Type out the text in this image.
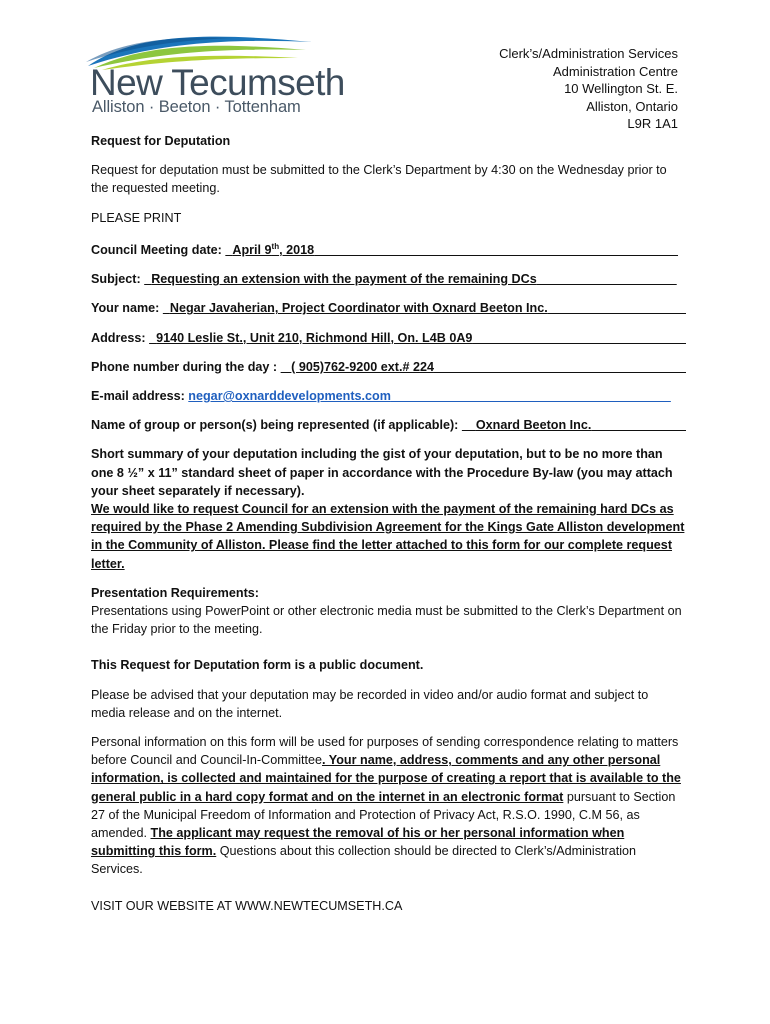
New Tecumseth
Alliston · Beeton · Tottenham
Clerk’s/Administration Services
Administration Centre
10 Wellington St. E.
Alliston, Ontario
L9R 1A1

Request for Deputation

Request for deputation must be submitted to the Clerk’s Department by 4:30 on the Wednesday prior to the requested meeting.

PLEASE PRINT

Council Meeting date: April 9th, 2018

Subject: Requesting an extension with the payment of the remaining DCs

Your name: Negar Javaherian, Project Coordinator with Oxnard Beeton Inc.

Address: 9140 Leslie St., Unit 210, Richmond Hill, On. L4B 0A9

Phone number during the day : ( 905)762-9200 ext.# 224

E-mail address: negar@oxnarddevelopments.com

Name of group or person(s) being represented (if applicable): Oxnard Beeton Inc.

Short summary of your deputation including the gist of your deputation, but to be no more than one 8 ½” x 11” standard sheet of paper in accordance with the Procedure By-law (you may attach your sheet separately if necessary).

We would like to request Council for an extension with the payment of the remaining hard DCs as required by the Phase 2 Amending Subdivision Agreement for the Kings Gate Alliston development in the Community of Alliston. Please find the letter attached to this form for our complete request letter.

Presentation Requirements:

Presentations using PowerPoint or other electronic media must be submitted to the Clerk’s Department on the Friday prior to the meeting.

This Request for Deputation form is a public document.

Please be advised that your deputation may be recorded in video and/or audio format and subject to media release and on the internet.

Personal information on this form will be used for purposes of sending correspondence relating to matters before Council and Council-In-Committee. Your name, address, comments and any other personal information, is collected and maintained for the purpose of creating a report that is available to the general public in a hard copy format and on the internet in an electronic format pursuant to Section 27 of the Municipal Freedom of Information and Protection of Privacy Act, R.S.O. 1990, C.M 56, as amended. The applicant may request the removal of his or her personal information when submitting this form. Questions about this collection should be directed to Clerk’s/Administration Services.

VISIT OUR WEBSITE AT WWW.NEWTECUMSETH.CA
